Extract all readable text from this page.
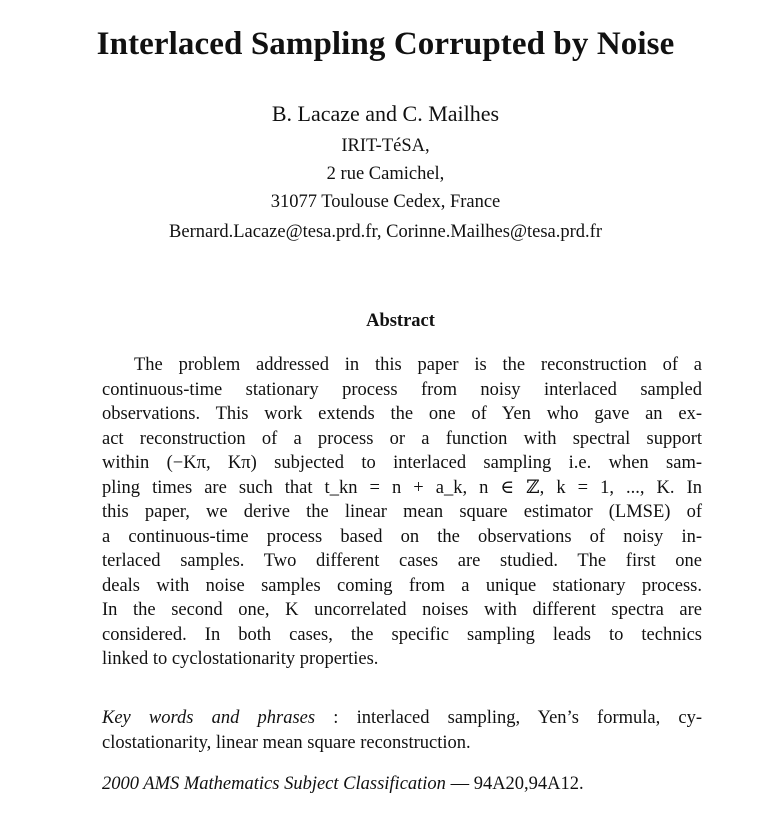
Interlaced Sampling Corrupted by Noise
B. Lacaze and C. Mailhes
IRIT-TéSA,
2 rue Camichel,
31077 Toulouse Cedex, France
Bernard.Lacaze@tesa.prd.fr, Corinne.Mailhes@tesa.prd.fr
Abstract
The problem addressed in this paper is the reconstruction of a
continuous-time stationary process from noisy interlaced sampled
observations. This work extends the one of Yen who gave an ex-
act reconstruction of a process or a function with spectral support
within (−Kπ, Kπ) subjected to interlaced sampling i.e. when sam-
pling times are such that t_kn = n + a_k, n ∈ ℤ, k = 1, ..., K. In
this paper, we derive the linear mean square estimator (LMSE) of
a continuous-time process based on the observations of noisy in-
terlaced samples. Two different cases are studied. The first one
deals with noise samples coming from a unique stationary process.
In the second one, K uncorrelated noises with different spectra are
considered. In both cases, the specific sampling leads to technics
linked to cyclostationarity properties.
Key words and phrases : interlaced sampling, Yen’s formula, cy-
clostationarity, linear mean square reconstruction.
2000 AMS Mathematics Subject Classification — 94A20,94A12.
